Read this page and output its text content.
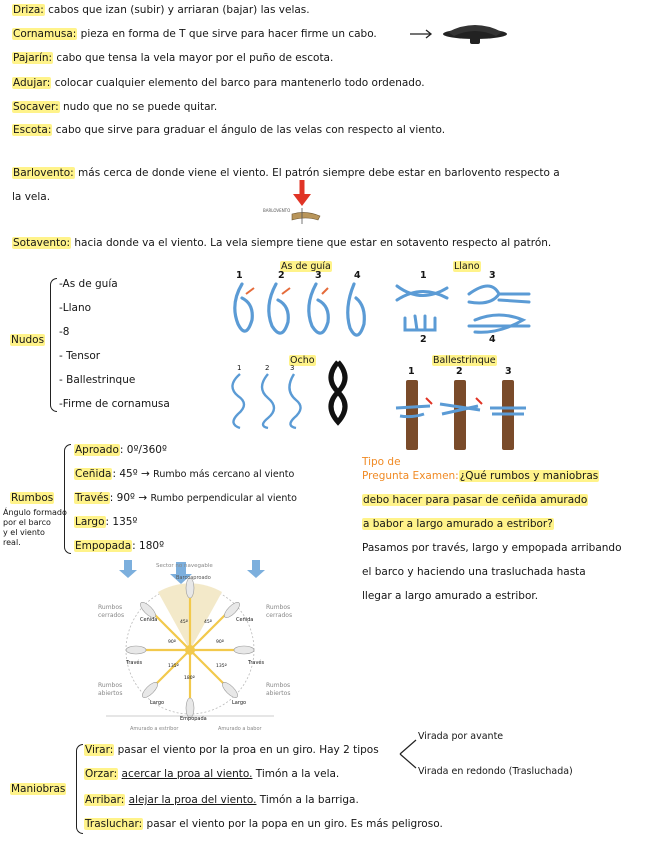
Driza: cabos que izan (subir) y arriaran (bajar) las velas.
Cornamusa: pieza en forma de T que sirve para hacer firme un cabo.
Pajarín: cabo que tensa la vela mayor por el puño de escota.
Adujar: colocar cualquier elemento del barco para mantenerlo todo ordenado.
Socaver: nudo que no se puede quitar.
Escota: cabo que sirve para graduar el ángulo de las velas con respecto al viento.
Barlovento: más cerca de donde viene el viento. El patrón siempre debe estar en barlovento respecto a
la vela.
BARLOVENTO
Sotavento: hacia donde va el viento. La vela siempre tiene que estar en sotavento respecto al patrón.
Nudos
-As de guía
-Llano
-8
- Tensor
- Ballestrinque
-Firme de cornamusa
As de guía
1	2	3	4
Llano
1	3
2	4
Ocho
1	2	3
Ballestrinque
1	2	3
Rumbos
Ángulo formado
por el barco
y el viento
real.
Aproado: 0º/360º
Ceñida: 45º → Rumbo más cercano al viento
Través: 90º → Rumbo perpendicular al viento
Largo: 135º
Empopada: 180º
Sector no navegable
Barcoaproado
Rumbos
cerrados
Rumbos
cerrados
Rumbos
abiertos
Rumbos
abiertos
Ceñida	Ceñida
Través	Través
Largo	Largo
Empopada
Amurado a estribor	Amurado a babor
45º	45º
90º	90º
135º	135º
180º
Tipo de
Pregunta Examen:¿Qué rumbos y maniobras
debo hacer para pasar de ceñida amurado
a babor a largo amurado a estribor?
Pasamos por través, largo y empopada arribando
el barco y haciendo una trasluchada hasta
llegar a largo amurado a estribor.
Maniobras
Virar: pasar el viento por la proa en un giro. Hay 2 tipos
Virada por avante
Virada en redondo (Trasluchada)
Orzar: acercar la proa al viento. Timón a la vela.
Arribar: alejar la proa del viento. Timón a la barriga.
Trasluchar: pasar el viento por la popa en un giro. Es más peligroso.
